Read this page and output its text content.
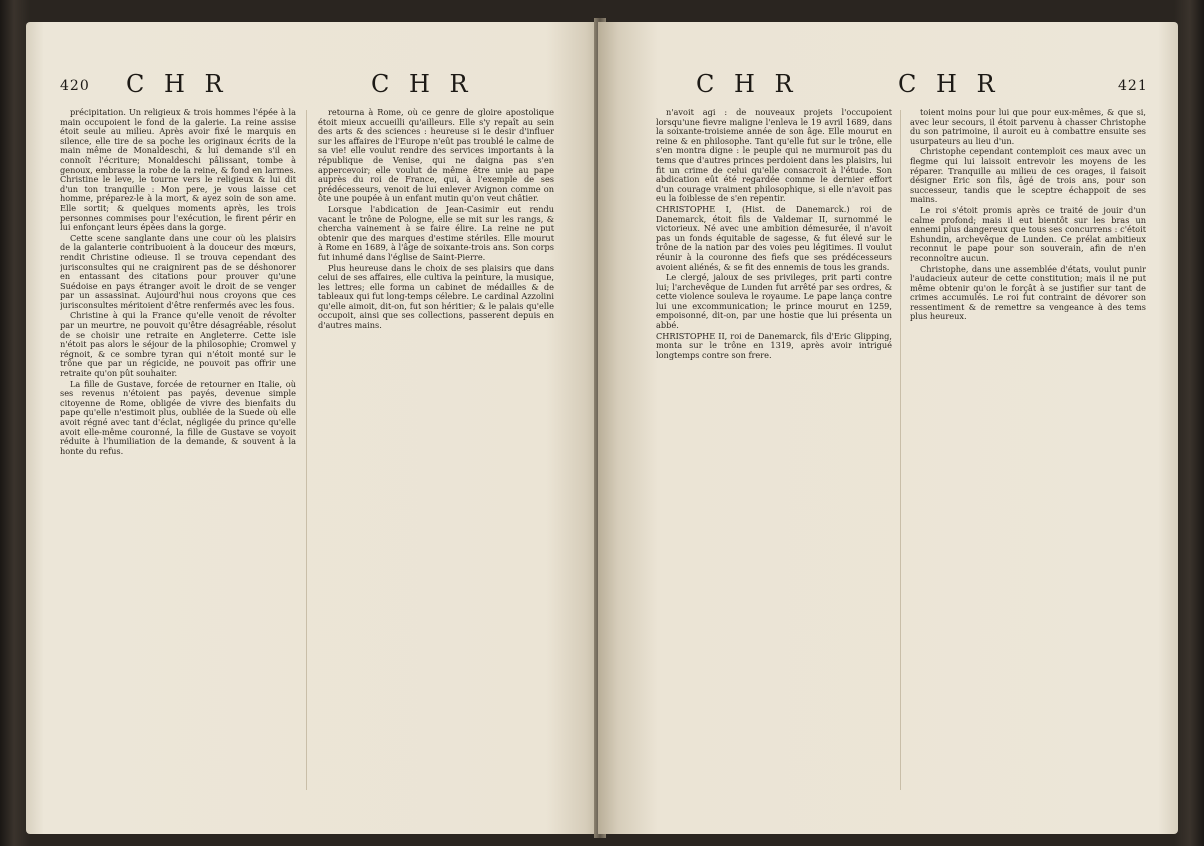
420 C H R	C H R

précipitation. Un religieux & trois hommes l'épée à la main occupoient le fond de la galerie. La reine assise étoit seule au milieu. Après avoir fixé le marquis en silence, elle tire de sa poche les originaux écrits de la main même de Monaldeschi, & lui demande s'il en connoît l'écriture; Monaldeschi pâlissant, tombe à genoux, embrasse la robe de la reine, & fond en larmes. Christine le leve, le tourne vers le religieux & lui dit d'un ton tranquille : Mon pere, je vous laisse cet homme, préparez-le à la mort, & ayez soin de son ame. Elle sortit; & quelques moments après, les trois personnes commises pour l'exécution, le firent périr en lui enfonçant leurs épées dans la gorge.

Cette scene sanglante dans une cour où les plaisirs de la galanterie contribuoient à la douceur des mœurs, rendit Christine odieuse. Il se trouva cependant des jurisconsultes qui ne craignirent pas de se déshonorer en entassant des citations pour prouver qu'une Suédoise en pays étranger avoit le droit de se venger par un assassinat. Aujourd'hui nous croyons que ces jurisconsultes méritoient d'être renfermés avec les fous.

Christine à qui la France qu'elle venoit de révolter par un meurtre, ne pouvoit qu'être désagréable, résolut de se choisir une retraite en Angleterre. Cette isle n'étoit pas alors le séjour de la philosophie; Cromwel y régnoit, & ce sombre tyran qui n'étoit monté sur le trône que par un régicide, ne pouvoit pas offrir une retraite qu'on pût souhaiter.

La fille de Gustave, forcée de retourner en Italie, où ses revenus n'étoient pas payés, devenue simple citoyenne de Rome, obligée de vivre des bienfaits du pape qu'elle n'estimoit plus, oubliée de la Suede où elle avoit régné avec tant d'éclat, négligée du prince qu'elle avoit elle-même couronné, la fille de Gustave se voyoit réduite à l'humiliation de la demande, & souvent à la honte du refus.

retourna à Rome, où ce genre de gloire apostolique étoit mieux accueilli qu'ailleurs. Elle s'y repaît au sein des arts & des sciences : heureuse si le desir d'influer sur les affaires de l'Europe n'eût pas troublé le calme de sa vie! elle voulut rendre des services importants à la république de Venise, qui ne daigna pas s'en appercevoir; elle voulut de même être unie au pape auprès du roi de France, qui, à l'exemple de ses prédécesseurs, venoit de lui enlever Avignon comme on ôte une poupée à un enfant mutin qu'on veut châtier.

Lorsque l'abdication de Jean-Casimir eut rendu vacant le trône de Pologne, elle se mit sur les rangs, & chercha vainement à se faire élire. La reine ne put obtenir que des marques d'estime stériles. Elle mourut à Rome en 1689, à l'âge de soixante-trois ans. Son corps fut inhumé dans l'église de Saint-Pierre.

Plus heureuse dans le choix de ses plaisirs que dans celui de ses affaires, elle cultiva la peinture, la musique, les lettres; elle forma un cabinet de médailles & de tableaux qui fut long-temps célebre. Le cardinal Azzolini qu'elle aimoit, dit-on, fut son héritier; & le palais qu'elle occupoit, ainsi que ses collections, passerent depuis en d'autres mains.

C H R	C H R	421

n'avoit agi : de nouveaux projets l'occupoient lorsqu'une fievre maligne l'enleva le 19 avril 1689, dans la soixante-troisieme année de son âge. Elle mourut en reine & en philosophe. Tant qu'elle fut sur le trône, elle s'en montra digne : le peuple qui ne murmuroit pas du tems que d'autres princes perdoient dans les plaisirs, lui fit un crime de celui qu'elle consacroit à l'étude. Son abdication eût été regardée comme le dernier effort d'un courage vraiment philosophique, si elle n'avoit pas eu la foiblesse de s'en repentir.

CHRISTOPHE I, (Hist. de Danemarck.) roi de Danemarck, étoit fils de Valdemar II, surnommé le victorieux. Né avec une ambition démesurée, il n'avoit pas un fonds équitable de sagesse, & fut élevé sur le trône de la nation par des voies peu légitimes. Il voulut réunir à la couronne des fiefs que ses prédécesseurs avoient aliénés, & se fit des ennemis de tous les grands.

Le clergé, jaloux de ses privileges, prit parti contre lui; l'archevêque de Lunden fut arrêté par ses ordres, & cette violence souleva le royaume. Le pape lança contre lui une excommunication; le prince mourut en 1259, empoisonné, dit-on, par une hostie que lui présenta un abbé.

CHRISTOPHE II, roi de Danemarck, fils d'Eric Glipping, monta sur le trône en 1319, après avoir intrigué longtemps contre son frere.

toient moins pour lui que pour eux-mêmes, & que si, avec leur secours, il étoit parvenu à chasser Christophe du son patrimoine, il auroit eu à combattre ensuite ses usurpateurs au lieu d'un.

Christophe cependant contemploit ces maux avec un flegme qui lui laissoit entrevoir les moyens de les réparer. Tranquille au milieu de ces orages, il faisoit désigner Eric son fils, âgé de trois ans, pour son successeur, tandis que le sceptre échappoit de ses mains.

Le roi s'étoit promis après ce traité de jouir d'un calme profond; mais il eut bientôt sur les bras un ennemi plus dangereux que tous ses concurrens : c'étoit Eshundin, archevêque de Lunden. Ce prélat ambitieux reconnut le pape pour son souverain, afin de n'en reconnoître aucun.

Christophe, dans une assemblée d'états, voulut punir l'audacieux auteur de cette constitution; mais il ne put même obtenir qu'on le forçât à se justifier sur tant de crimes accumulés. Le roi fut contraint de dévorer son ressentiment & de remettre sa vengeance à des tems plus heureux.
